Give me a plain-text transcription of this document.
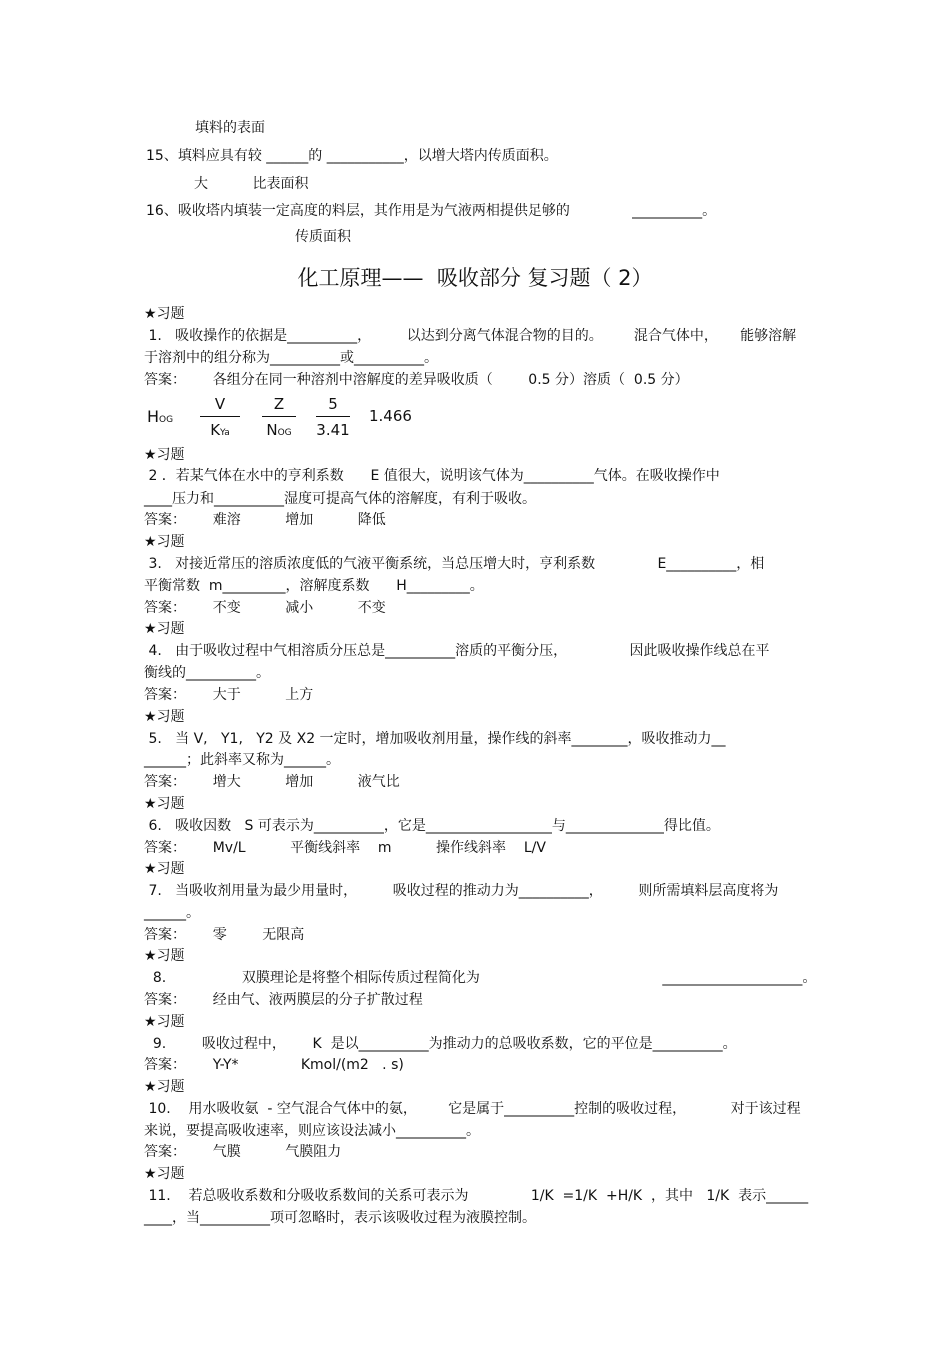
填料的表面
15、填料应具有较 ______的 ___________，以增大塔内传质面积。
大          比表面积
16、吸收塔内填装一定高度的料层，其作用是为气液两相提供足够的              __________。
传质面积
化工原理——  吸收部分 复习题（ 2）
★习题
1.   吸收操作的依据是__________，        以达到分离气体混合物的目的。       混合气体中，     能够溶解
于溶剂中的组分称为__________或__________。
答案：      各组分在同一种溶剂中溶解度的差异吸收质（        0.5 分）溶质（  0.5 分）
HOG

V
KYa
Z
NOG
5
3.41
1.466
★习题
2 ．若某气体在水中的亨利系数      E 值很大，说明该气体为__________气体。在吸收操作中
____压力和__________湿度可提高气体的溶解度，有利于吸收。
答案：      难溶          增加          降低
★习题
3.   对接近常压的溶质浓度低的气液平衡系统，当总压增大时，亨利系数              E__________，相
平衡常数  m_________，溶解度系数      H_________。
答案：      不变          减小          不变
★习题
4.   由于吸收过程中气相溶质分压总是__________溶质的平衡分压，              因此吸收操作线总在平
衡线的__________。
答案：      大于          上方
★习题
5.   当 V,   Y1,   Y2 及 X2 一定时，增加吸收剂用量，操作线的斜率________，吸收推动力__
______；此斜率又称为______。
答案：      增大          增加          液气比
★习题
6.   吸收因数   S 可表示为__________，它是__________________与______________得比值。
答案：      Mv/L          平衡线斜率    m          操作线斜率    L/V
★习题
7.   当吸收剂用量为最少用量时，        吸收过程的推动力为__________，        则所需填料层高度将为
______。
答案：      零        无限高
★习题
8.                 双膜理论是将整个相际传质过程简化为                                         ____________________。
答案：      经由气、液两膜层的分子扩散过程
★习题
9.        吸收过程中，      K  是以__________为推动力的总吸收系数，它的平位是__________。
答案：      Y-Y*              Kmol/(m2   . s)
★习题
10.    用水吸收氨  - 空气混合气体中的氨，       它是属于__________控制的吸收过程，          对于该过程
来说，要提高吸收速率，则应该设法减小__________。
答案：      气膜          气膜阻力
★习题
11.    若总吸收系数和分吸收系数间的关系可表示为              1/K  =1/K  +H/K  ，其中   1/K  表示______
____，当__________项可忽略时，表示该吸收过程为液膜控制。
